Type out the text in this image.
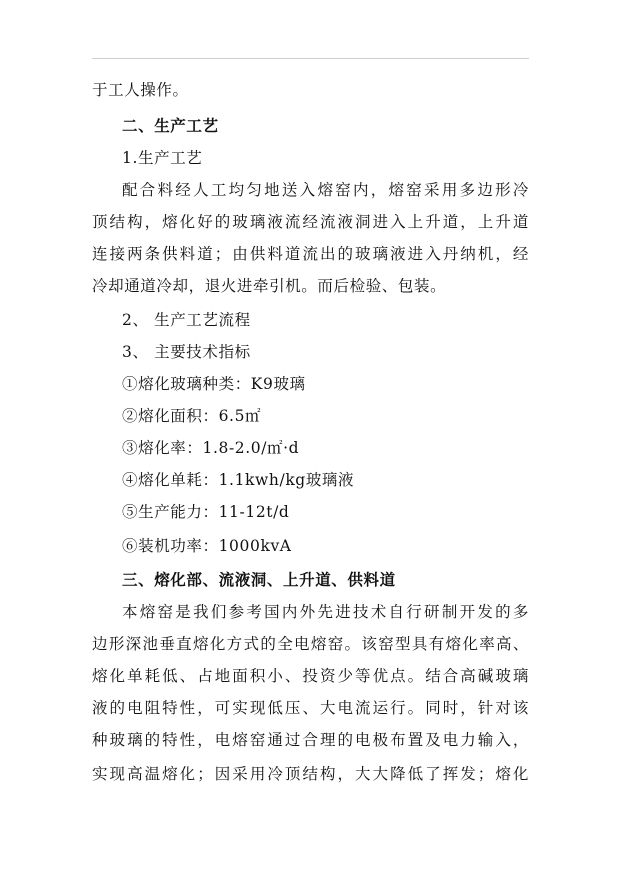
于工人操作。
二、生产工艺
1.生产工艺
配合料经人工均匀地送入熔窑内，熔窑采用多边形冷
顶结构，熔化好的玻璃液流经流液洞进入上升道，上升道
连接两条供料道；由供料道流出的玻璃液进入丹纳机，经
冷却通道冷却，退火进牵引机。而后检验、包装。
2、 生产工艺流程
3、 主要技术指标
①熔化玻璃种类：K9玻璃
②熔化面积：6.5㎡
③熔化率：1.8-2.0/㎡·d
④熔化单耗：1.1kwh/kg玻璃液
⑤生产能力：11-12t/d
⑥装机功率：1000kvA
三、熔化部、流液洞、上升道、供料道
本熔窑是我们参考国内外先进技术自行研制开发的多
边形深池垂直熔化方式的全电熔窑。该窑型具有熔化率高、
熔化单耗低、占地面积小、投资少等优点。结合高碱玻璃
液的电阻特性，可实现低压、大电流运行。同时，针对该
种玻璃的特性，电熔窑通过合理的电极布置及电力输入，
实现高温熔化；因采用冷顶结构，大大降低了挥发；熔化
